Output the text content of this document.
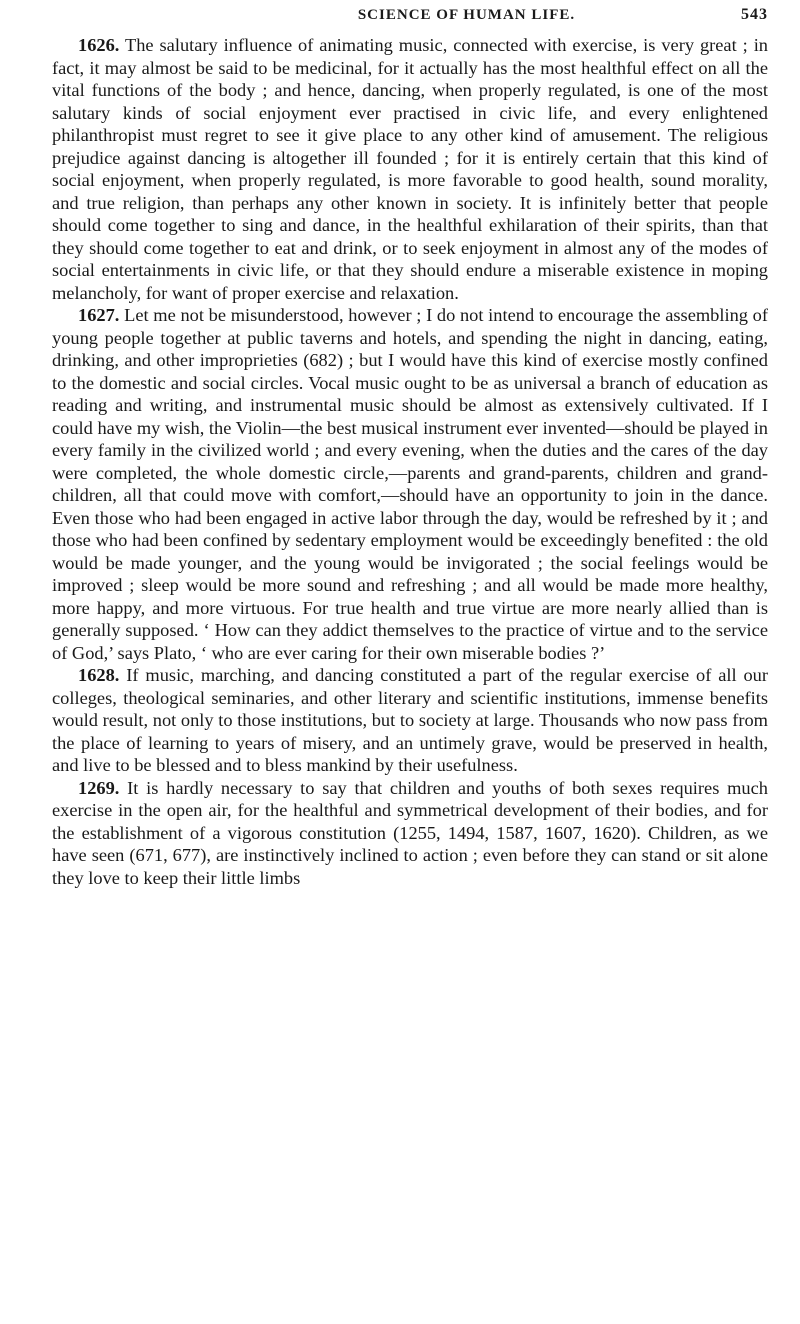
SCIENCE OF HUMAN LIFE.	543

1626. The salutary influence of animating music, connected with exercise, is very great ; in fact, it may almost be said to be medicinal, for it actually has the most healthful effect on all the vital functions of the body ; and hence, dancing, when properly regulated, is one of the most salutary kinds of social enjoyment ever practised in civic life, and every enlightened philanthropist must regret to see it give place to any other kind of amusement. The religious prejudice against dancing is altogether ill founded ; for it is entirely certain that this kind of social enjoyment, when properly regulated, is more favorable to good health, sound morality, and true religion, than perhaps any other known in society. It is infinitely better that people should come together to sing and dance, in the healthful exhilaration of their spirits, than that they should come together to eat and drink, or to seek enjoyment in almost any of the modes of social entertainments in civic life, or that they should endure a miserable existence in moping melancholy, for want of proper exercise and relaxation.

1627. Let me not be misunderstood, however ; I do not intend to encourage the assembling of young people together at public taverns and hotels, and spending the night in dancing, eating, drinking, and other improprieties (682) ; but I would have this kind of exercise mostly confined to the domestic and social circles. Vocal music ought to be as universal a branch of education as reading and writing, and instrumental music should be almost as extensively cultivated. If I could have my wish, the Violin—the best musical instrument ever invented—should be played in every family in the civilized world ; and every evening, when the duties and the cares of the day were completed, the whole domestic circle,—parents and grand-parents, children and grand-children, all that could move with comfort,—should have an opportunity to join in the dance. Even those who had been engaged in active labor through the day, would be refreshed by it ; and those who had been confined by sedentary employment would be exceedingly benefited : the old would be made younger, and the young would be invigorated ; the social feelings would be improved ; sleep would be more sound and refreshing ; and all would be made more healthy, more happy, and more virtuous. For true health and true virtue are more nearly allied than is generally supposed. ‘ How can they addict themselves to the practice of virtue and to the service of God,’ says Plato, ‘ who are ever caring for their own miserable bodies ?’

1628. If music, marching, and dancing constituted a part of the regular exercise of all our colleges, theological seminaries, and other literary and scientific institutions, immense benefits would result, not only to those institutions, but to society at large. Thousands who now pass from the place of learning to years of misery, and an untimely grave, would be preserved in health, and live to be blessed and to bless mankind by their usefulness.

1269. It is hardly necessary to say that children and youths of both sexes requires much exercise in the open air, for the healthful and symmetrical development of their bodies, and for the establishment of a vigorous constitution (1255, 1494, 1587, 1607, 1620). Children, as we have seen (671, 677), are instinctively inclined to action ; even before they can stand or sit alone they love to keep their little limbs
